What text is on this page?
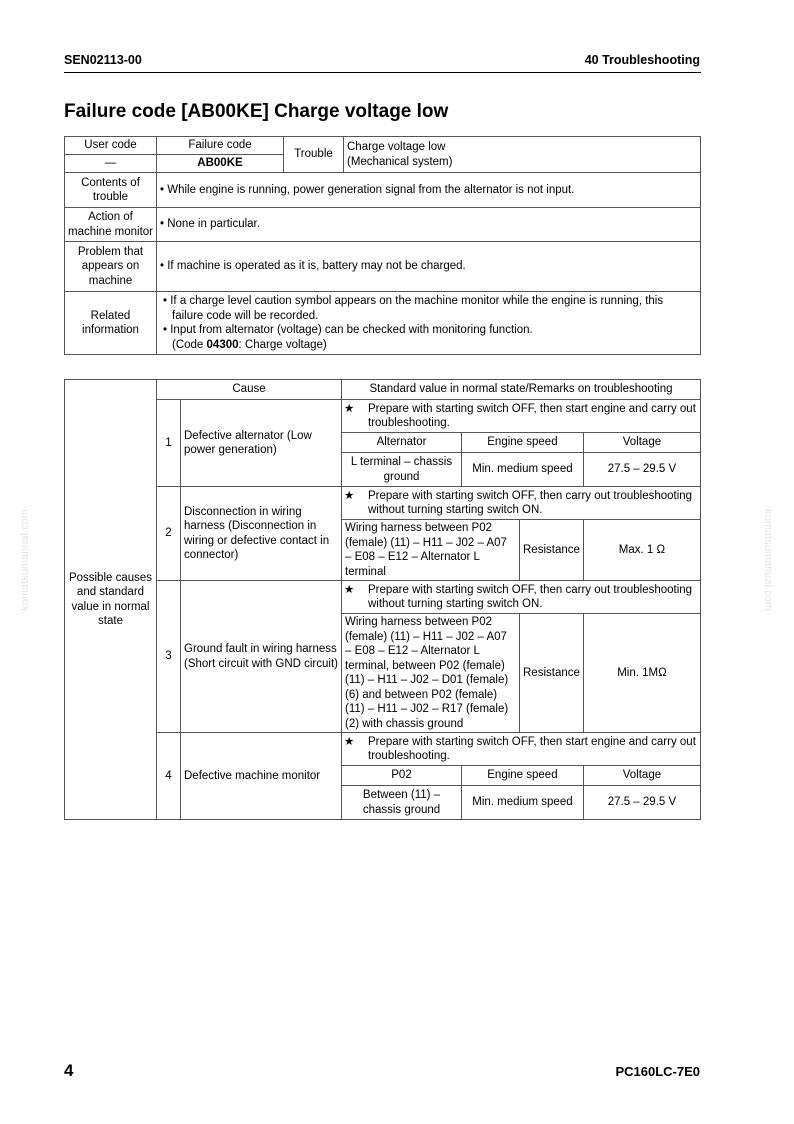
SEN02113-00	40 Troubleshooting
Failure code [AB00KE] Charge voltage low
komatsumanual.com	komatsumanual.com
User code	Failure code	Trouble	Charge voltage low
(Mechanical system)

—	AB00KE		
Contents of trouble	• While engine is running, power generation signal from the alternator is not input.		
Action of machine monitor	• None in particular.		
Problem that appears on machine	• If machine is operated as it is, battery may not be charged.		
Related information	• If a charge level caution symbol appears on the machine monitor while the engine is running, this failure code will be recorded.
• Input from alternator (voltage) can be checked with monitoring function.
(Code 04300: Charge voltage)		
Possible causes and standard value in normal state	Cause		Standard value in normal state/Remarks on troubleshooting			
	1	Defective alternator (Low power generation)	★ Prepare with starting switch OFF, then start engine and carry out troubleshooting.			
			Alternator	Engine speed		Voltage
			L terminal – chassis ground	Min. medium speed		27.5 – 29.5 V
	2	Disconnection in wiring harness (Disconnection in wiring or defective contact in connector)	★ Prepare with starting switch OFF, then carry out troubleshooting without turning starting switch ON.			
			Wiring harness between P02 (female) (11) – H11 – J02 – A07 – E08 – E12 – Alternator L terminal		Resistance	Max. 1 Ω
	3	Ground fault in wiring harness (Short circuit with GND circuit)	★ Prepare with starting switch OFF, then carry out troubleshooting without turning starting switch ON.			
			Wiring harness between P02 (female) (11) – H11 – J02 – A07 – E08 – E12 – Alternator L terminal, between P02 (female) (11) – H11 – J02 – D01 (female) (6) and between P02 (female) (11) – H11 – J02 – R17 (female) (2) with chassis ground		Resistance	Min. 1MΩ
	4	Defective machine monitor	★ Prepare with starting switch OFF, then start engine and carry out troubleshooting.			
			P02	Engine speed		Voltage
			Between (11) – chassis ground	Min. medium speed		27.5 – 29.5 V
4	PC160LC-7E0
